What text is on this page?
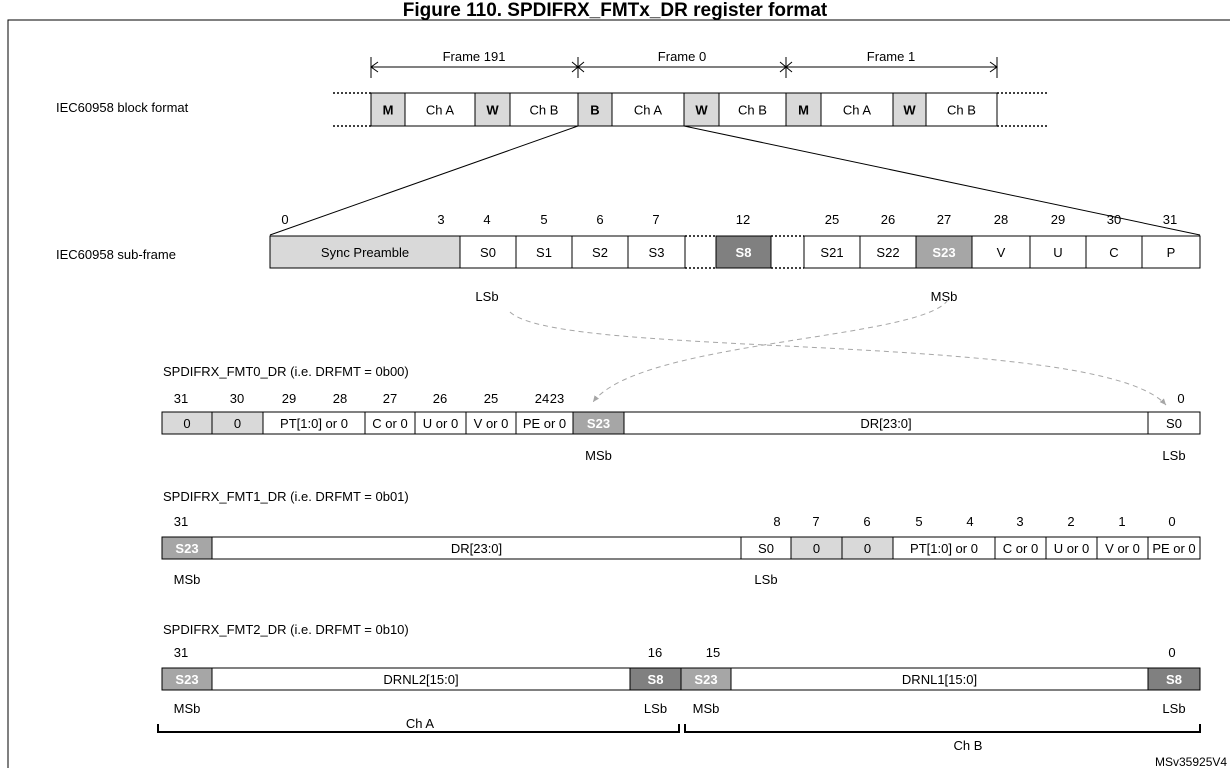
Figure 110. SPDIFRX_FMTx_DR register format
IEC60958 block format
IEC60958 sub-frame
Frame 191	Frame 0	Frame 1
M Ch A W Ch B B	Ch A	W Ch B M	Ch A W Ch B
Sync Preamble	S0	S1	S2	S3	S8	S21	S22	S23	V	U	C	P
0	3	4	5	6	7	12	25	26	27	28	29	30	31
LSb	MSb
0	0	PT[1:0] or 0 C or 0 U or 0 V or 0 PE or 0 S23	DR[23:0]	S0
31	30	29	28	27	26	25	24 23	0
MSb	LSb
S23	DR[23:0]	S0	0	0	PT[1:0] or 0 C or 0 U or 0 V or 0 PE or 0
31	8 7	6	5	4	3	2	1	0
MSb	LSb
S23	DRNL2[15:0]	S8 S23	DRNL1[15:0]	S8
31	16	15	0
MSb	LSb MSb	LSb
SPDIFRX_FMT0_DR (i.e. DRFMT = 0b00)
SPDIFRX_FMT1_DR (i.e. DRFMT = 0b01)
SPDIFRX_FMT2_DR (i.e. DRFMT = 0b10)
Ch A
Ch B
MSv35925V4
